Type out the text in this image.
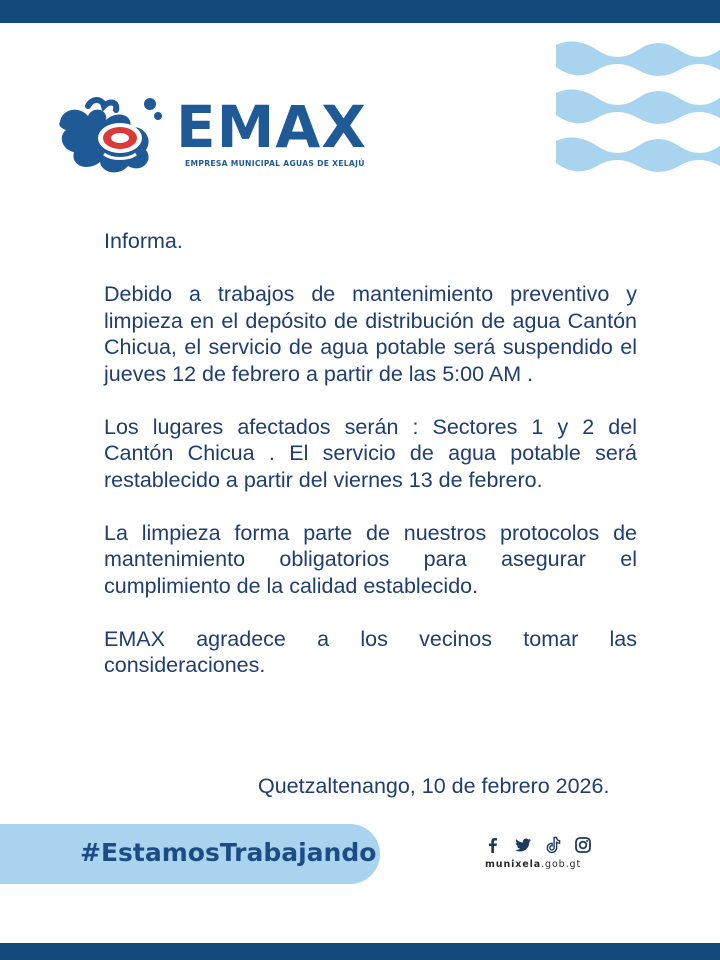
EMAX
EMPRESA MUNICIPAL AGUAS DE XELAJÚ

Informa.

Debido a trabajos de mantenimiento preventivo y limpieza en el depósito de distribución de agua Cantón Chicua, el servicio de agua potable será suspendido el jueves 12 de febrero a partir de las 5:00 AM .

Los lugares afectados serán : Sectores 1 y 2 del Cantón Chicua . El servicio de agua potable será restablecido a partir del viernes 13 de febrero.

La limpieza forma parte de nuestros protocolos de mantenimiento obligatorios para asegurar el cumplimiento de la calidad establecido.

EMAX agradece a los vecinos tomar las consideraciones.

Quetzaltenango, 10 de febrero 2026.
#EstamosTrabajando	munixela.gob.gt
